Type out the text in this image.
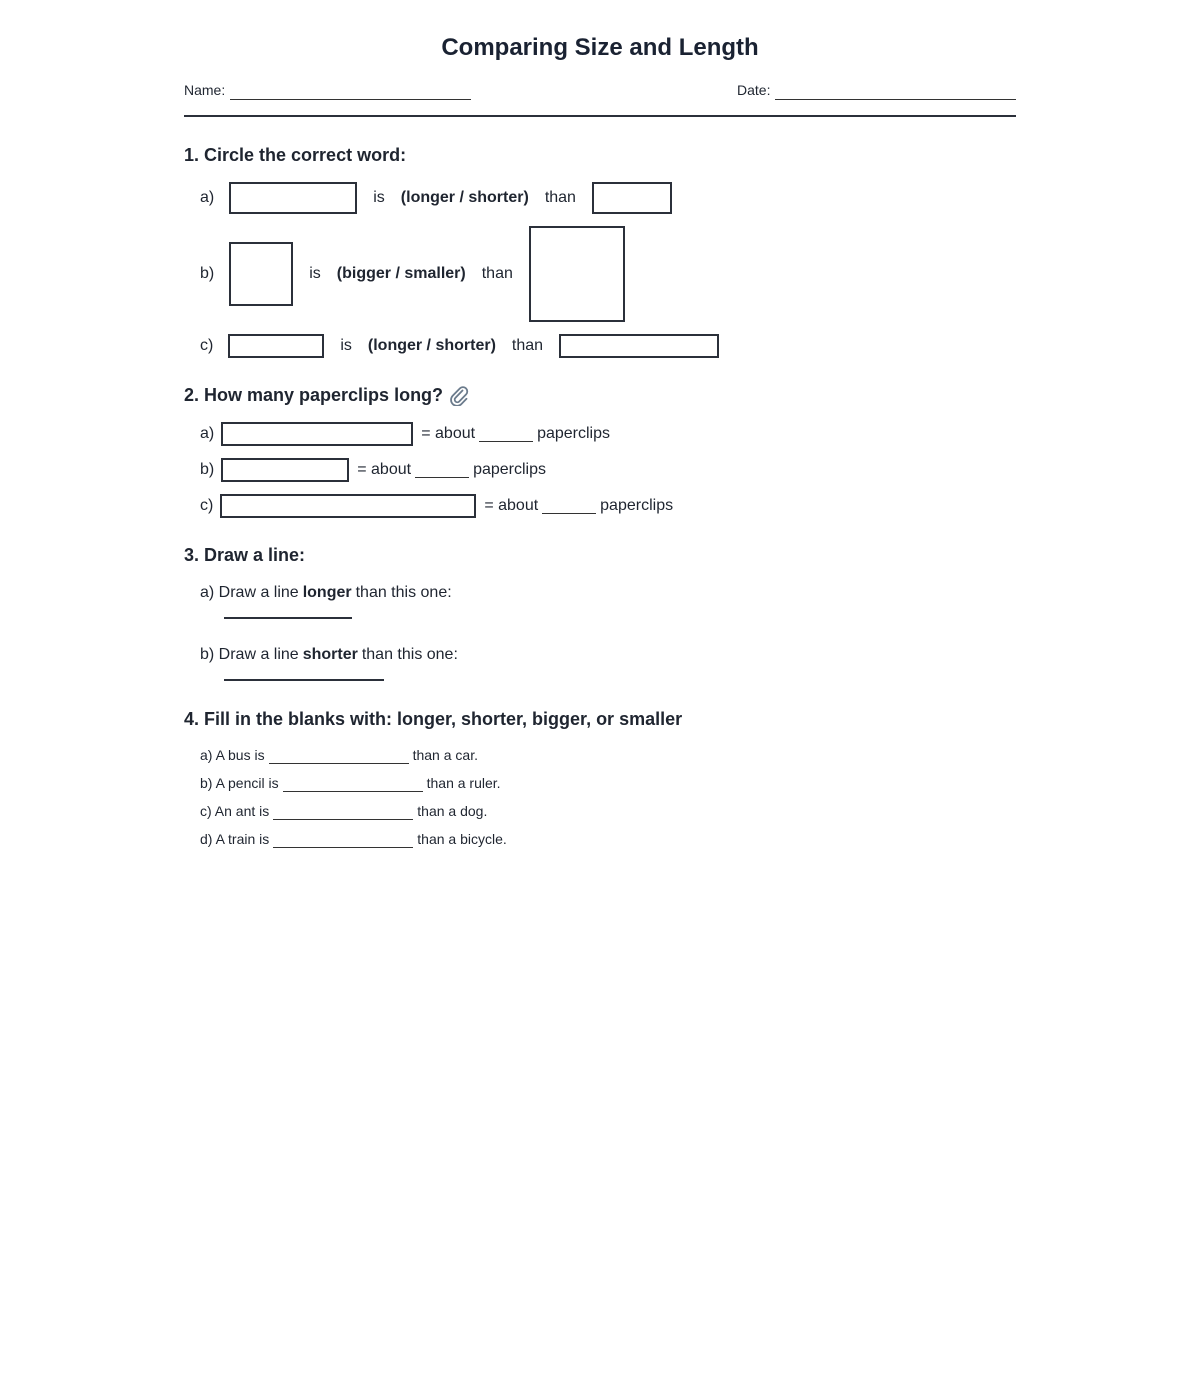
Comparing Size and Length
Name:	Date:
1. Circle the correct word:
a)	is (longer / shorter) than
b)	is (bigger / smaller) than
c)	is (longer / shorter) than
2. How many paperclips long?
a)	= about	paperclips
b)	= about	paperclips
c)	= about	paperclips
3. Draw a line:
a) Draw a line longer than this one:
b) Draw a line shorter than this one:
4. Fill in the blanks with: longer, shorter, bigger, or smaller
a) A bus is	than a car.
b) A pencil is	than a ruler.
c) An ant is	than a dog.
d) A train is	than a bicycle.
